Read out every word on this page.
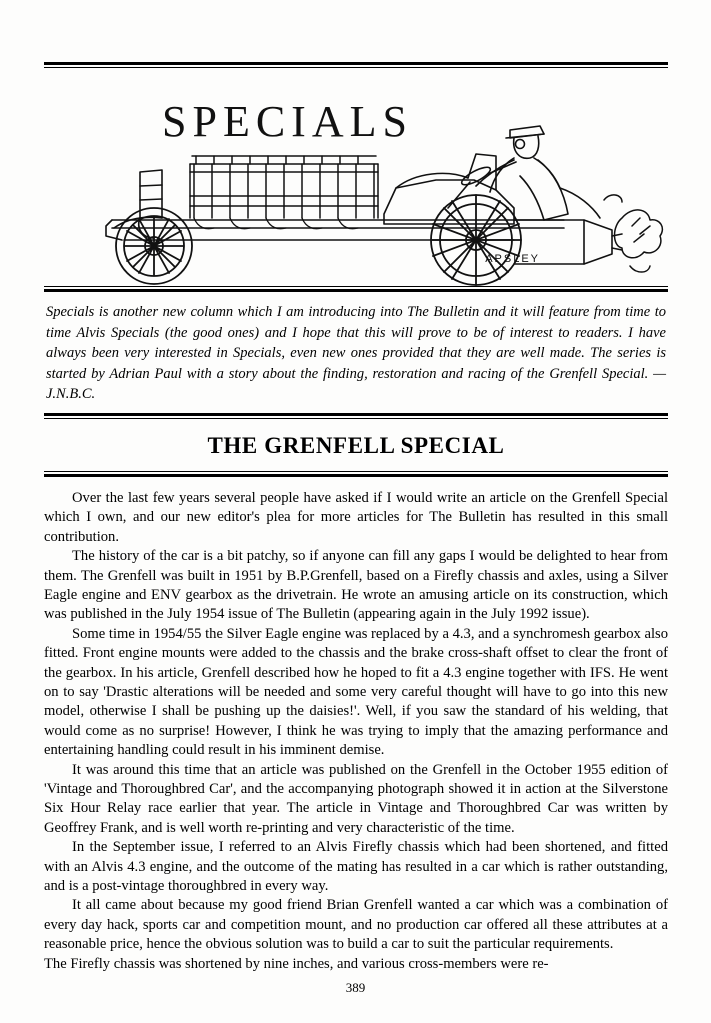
SPECIALS
APSLEY
Specials is another new column which I am introducing into The Bulletin and it will feature from time to time Alvis Specials (the good ones) and I hope that this will prove to be of interest to readers. I have always been very interested in Specials, even new ones provided that they are well made. The series is started by Adrian Paul with a story about the finding, restoration and racing of the Grenfell Special. — J.N.B.C.
THE GRENFELL SPECIAL

Over the last few years several people have asked if I would write an article on the Grenfell Special which I own, and our new editor's plea for more articles for The Bulletin has resulted in this small contribution.

The history of the car is a bit patchy, so if anyone can fill any gaps I would be delighted to hear from them. The Grenfell was built in 1951 by B.P.Grenfell, based on a Firefly chassis and axles, using a Silver Eagle engine and ENV gearbox as the drivetrain. He wrote an amusing article on its construction, which was published in the July 1954 issue of The Bulletin (appearing again in the July 1992 issue).

Some time in 1954/55 the Silver Eagle engine was replaced by a 4.3, and a synchromesh gearbox also fitted. Front engine mounts were added to the chassis and the brake cross-shaft offset to clear the front of the gearbox. In his article, Grenfell described how he hoped to fit a 4.3 engine together with IFS. He went on to say 'Drastic alterations will be needed and some very careful thought will have to go into this new model, otherwise I shall be pushing up the daisies!'. Well, if you saw the standard of his welding, that would come as no surprise! However, I think he was trying to imply that the amazing performance and entertaining handling could result in his imminent demise.

It was around this time that an article was published on the Grenfell in the October 1955 edition of 'Vintage and Thoroughbred Car', and the accompanying photograph showed it in action at the Silverstone Six Hour Relay race earlier that year. The article in Vintage and Thoroughbred Car was written by Geoffrey Frank, and is well worth re-printing and very characteristic of the time.

In the September issue, I referred to an Alvis Firefly chassis which had been shortened, and fitted with an Alvis 4.3 engine, and the outcome of the mating has resulted in a car which is rather outstanding, and is a post-vintage thoroughbred in every way.

It all came about because my good friend Brian Grenfell wanted a car which was a combination of every day hack, sports car and competition mount, and no production car offered all these attributes at a reasonable price, hence the obvious solution was to build a car to suit the particular requirements.

The Firefly chassis was shortened by nine inches, and various cross-members were re-

389
